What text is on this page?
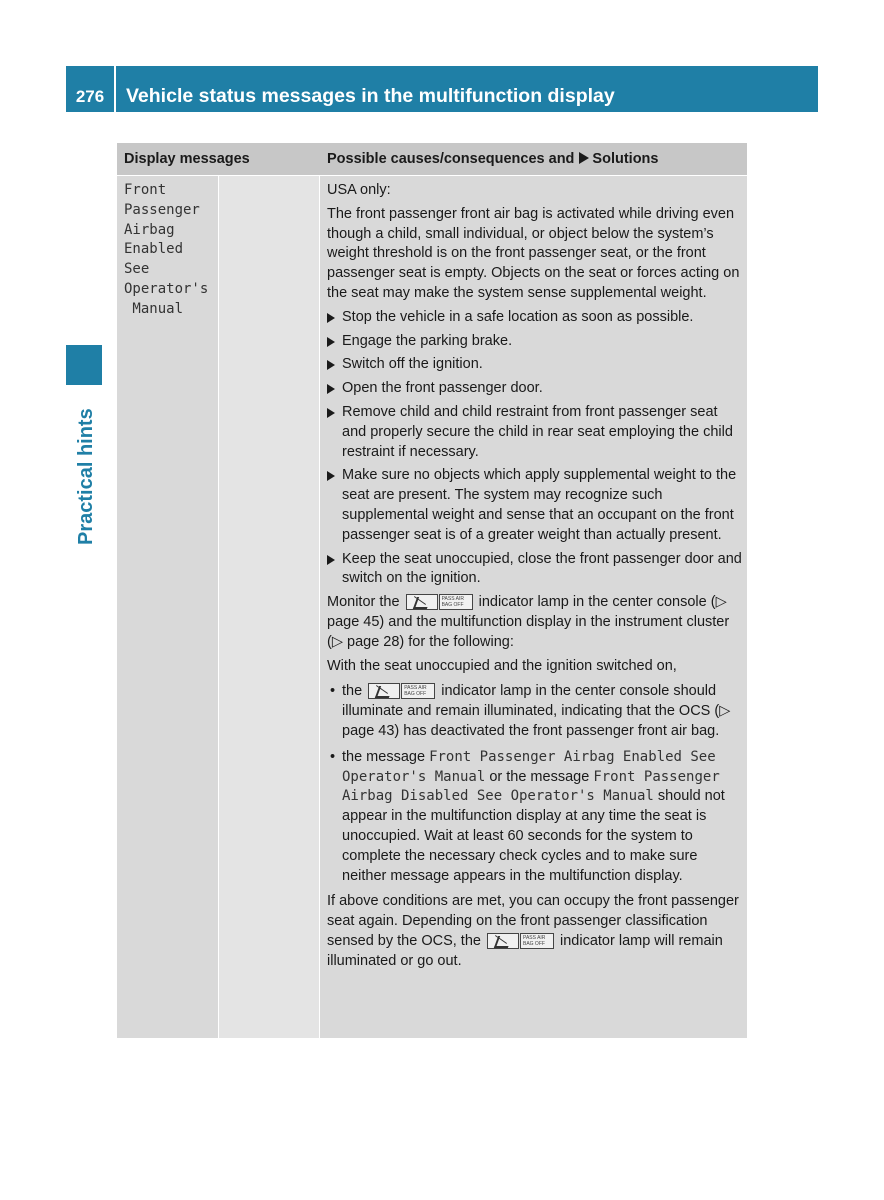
276	Vehicle status messages in the multifunction display
Practical hints
Display messages	Possible causes/consequences and Solutions
Front
Passenger
Airbag
Enabled
See
Operator's
Manual

USA only:

The front passenger front air bag is activated while driving even though a child, small individual, or object below the system’s weight threshold is on the front passenger seat, or the front passenger seat is empty. Objects on the seat or forces acting on the seat may make the system sense supplemental weight.

Stop the vehicle in a safe location as soon as possible.
Engage the parking brake.
Switch off the ignition.
Open the front passenger door.
Remove child and child restraint from front passenger seat and properly secure the child in rear seat employing the child restraint if necessary.
Make sure no objects which apply supplemental weight to the seat are present. The system may recognize such supplemental weight and sense that an occupant on the front passenger seat is of a greater weight than actually present.
Keep the seat unoccupied, close the front passenger door and switch on the ignition.

Monitor the	PASS AIR BAG OFF	indicator lamp in the center console (▷ page 45) and the multifunction display in the instrument cluster (▷ page 28) for the following:

With the seat unoccupied and the ignition switched on,

• the	PASS AIR BAG OFF	indicator lamp in the center console should illuminate and remain illuminated, indicating that the OCS (▷ page 43) has deactivated the front passenger front air bag.
• the message Front Passenger Airbag Enabled See Operator's Manual or the message Front Passenger Airbag Disabled See Operator's Manual should not appear in the multifunction display at any time the seat is unoccupied. Wait at least 60 seconds for the system to complete the necessary check cycles and to make sure neither message appears in the multifunction display.

If above conditions are met, you can occupy the front passenger seat again. Depending on the front passenger classification sensed by the OCS, the	PASS AIR BAG OFF	indicator lamp will remain illuminated or go out.
